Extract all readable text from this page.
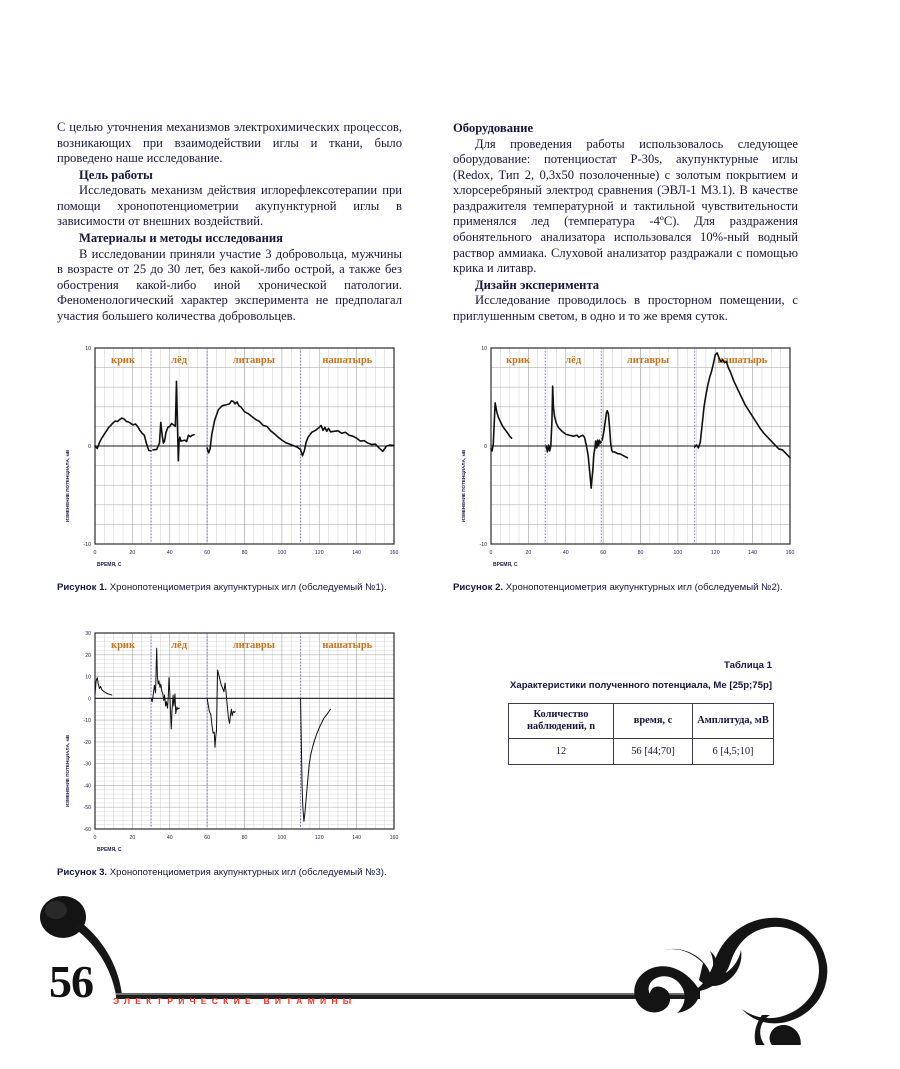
С целью уточнения механизмов электрохимических процессов, возникающих при взаимодействии иглы и ткани, было проведено наше исследование.

Цель работы

Исследовать механизм действия иглорефлексотерапии при помощи хронопотенциометрии акупунктурной иглы в зависимости от внешних воздействий.

Материалы и методы исследования

В исследовании приняли участие 3 добровольца, мужчины в возрасте от 25 до 30 лет, без какой-либо острой, а также без обострения какой-либо иной хронической патологии. Феноменологический характер эксперимента не предполагал участия большего количества добровольцев.

Оборудование

Для проведения работы использовалось следующее оборудование: потенциостат Р-30s, акупунктурные иглы (Redox, Тип 2, 0,3х50 позолоченные) с золотым покрытием и хлорсеребряный электрод сравнения (ЭВЛ-1 М3.1). В качестве раздражителя температурной и тактильной чувствительности применялся лед (температура -4ºС). Для раздражения обонятельного анализатора использовался 10%-ный водный раствор аммиака. Слуховой анализатор раздражали с помощью крика и литавр.

Дизайн эксперимента

Исследование проводилось в просторном помещении, с приглушенным светом, в одно и то же время суток.

крик	лёд	литавры	нашатырь
0	20	40	60	80	100	120	140	160
-10
0
10
ВРЕМЯ, С
ИЗМЕНЕНИЕ ПОТЕНЦИАЛА, мВ
Рисунок 1. Хронопотенциометрия акупунктурных игл (обследуемый №1).
крик	лёд	литавры	нашатырь
0	20	40	60	80	100	120	140	160
-10
0
10
ВРЕМЯ, С
ИЗМЕНЕНИЕ ПОТЕНЦИАЛА, мВ
Рисунок 2. Хронопотенциометрия акупунктурных игл (обследуемый №2).
крик	лёд	литавры	нашатырь
0	20	40	60	80	100	120	140	160
30
20
10
0
-10
-20
-30
-40
-50
-60
ВРЕМЯ, С
ИЗМЕНЕНИЕ ПОТЕНЦИАЛА, мВ
Рисунок 3. Хронопотенциометрия акупунктурных игл (обследуемый №3).
Таблица 1
Характеристики полученного потенциала, Ме [25p;75p]
Количество наблюдений, n	время, с	Амплитуда, мВ
12	56 [44;70]	6 [4,5;10]
56 ЭЛЕКТРИЧЕСКИЕ ВИТАМИНЫ
